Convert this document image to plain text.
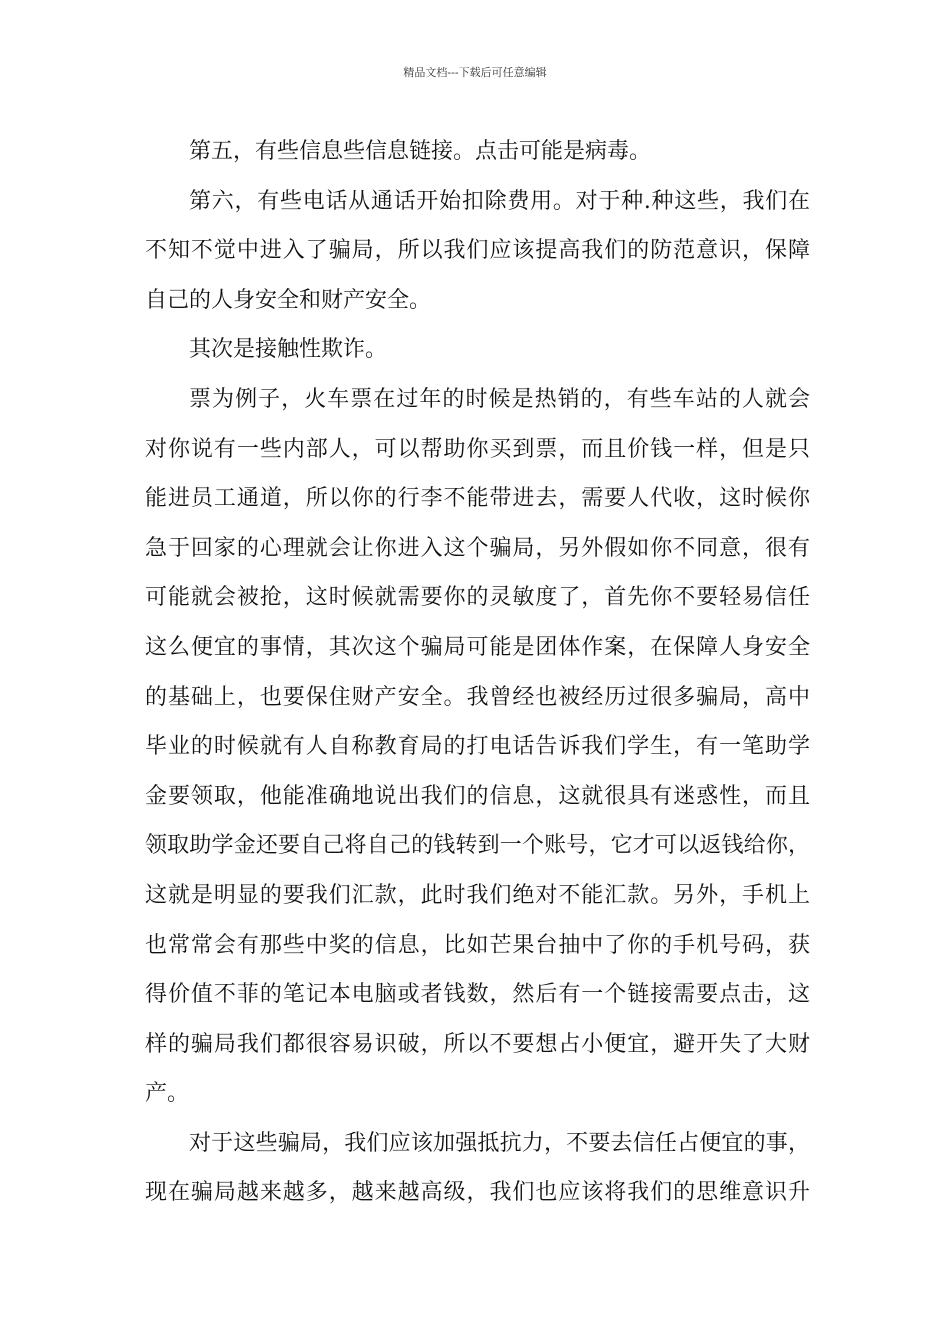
精品文档---下载后可任意编辑
第五，有些信息些信息链接。点击可能是病毒。
第六，有些电话从通话开始扣除费用。对于种.种这些，我们在
不知不觉中进入了骗局，所以我们应该提高我们的防范意识，保障
自己的人身安全和财产安全。
其次是接触性欺诈。
票为例子，火车票在过年的时候是热销的，有些车站的人就会
对你说有一些内部人，可以帮助你买到票，而且价钱一样，但是只
能进员工通道，所以你的行李不能带进去，需要人代收，这时候你
急于回家的心理就会让你进入这个骗局，另外假如你不同意，很有
可能就会被抢，这时候就需要你的灵敏度了，首先你不要轻易信任
这么便宜的事情，其次这个骗局可能是团体作案，在保障人身安全
的基础上，也要保住财产安全。我曾经也被经历过很多骗局，高中
毕业的时候就有人自称教育局的打电话告诉我们学生，有一笔助学
金要领取，他能准确地说出我们的信息，这就很具有迷惑性，而且
领取助学金还要自己将自己的钱转到一个账号，它才可以返钱给你，
这就是明显的要我们汇款，此时我们绝对不能汇款。另外，手机上
也常常会有那些中奖的信息，比如芒果台抽中了你的手机号码，获
得价值不菲的笔记本电脑或者钱数，然后有一个链接需要点击，这
样的骗局我们都很容易识破，所以不要想占小便宜，避开失了大财
产。
对于这些骗局，我们应该加强抵抗力，不要去信任占便宜的事，
现在骗局越来越多，越来越高级，我们也应该将我们的思维意识升
